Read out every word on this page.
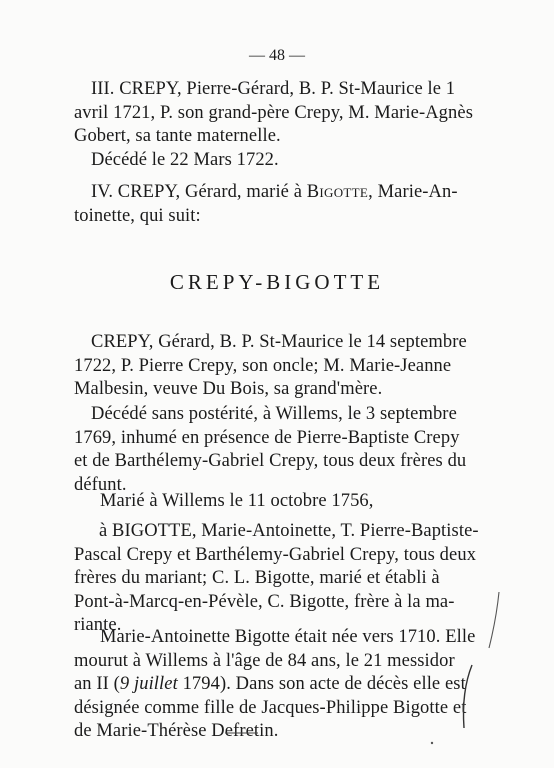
— 48 —
III. CREPY, Pierre-Gérard, B. P. St-Maurice le 1
avril 1721, P. son grand-père Crepy, M. Marie-Agnès
Gobert, sa tante maternelle.
Décédé le 22 Mars 1722.
IV. CREPY, Gérard, marié à Bigotte, Marie-An-
toinette, qui suit:
CREPY-BIGOTTE
CREPY, Gérard, B. P. St-Maurice le 14 septembre
1722, P. Pierre Crepy, son oncle; M. Marie-Jeanne
Malbesin, veuve Du Bois, sa grand'mère.
Décédé sans postérité, à Willems, le 3 septembre
1769, inhumé en présence de Pierre-Baptiste Crepy
et de Barthélemy-Gabriel Crepy, tous deux frères du
défunt.
Marié à Willems le 11 octobre 1756,
à BIGOTTE, Marie-Antoinette, T. Pierre-Baptiste-
Pascal Crepy et Barthélemy-Gabriel Crepy, tous deux
frères du mariant; C. L. Bigotte, marié et établi à
Pont-à-Marcq-en-Pévèle, C. Bigotte, frère à la ma-
riante.
Marie-Antoinette Bigotte était née vers 1710. Elle
mourut à Willems à l'âge de 84 ans, le 21 messidor
an II (9 juillet 1794). Dans son acte de décès elle est
désignée comme fille de Jacques-Philippe Bigotte et
de Marie-Thérèse Defretin.
